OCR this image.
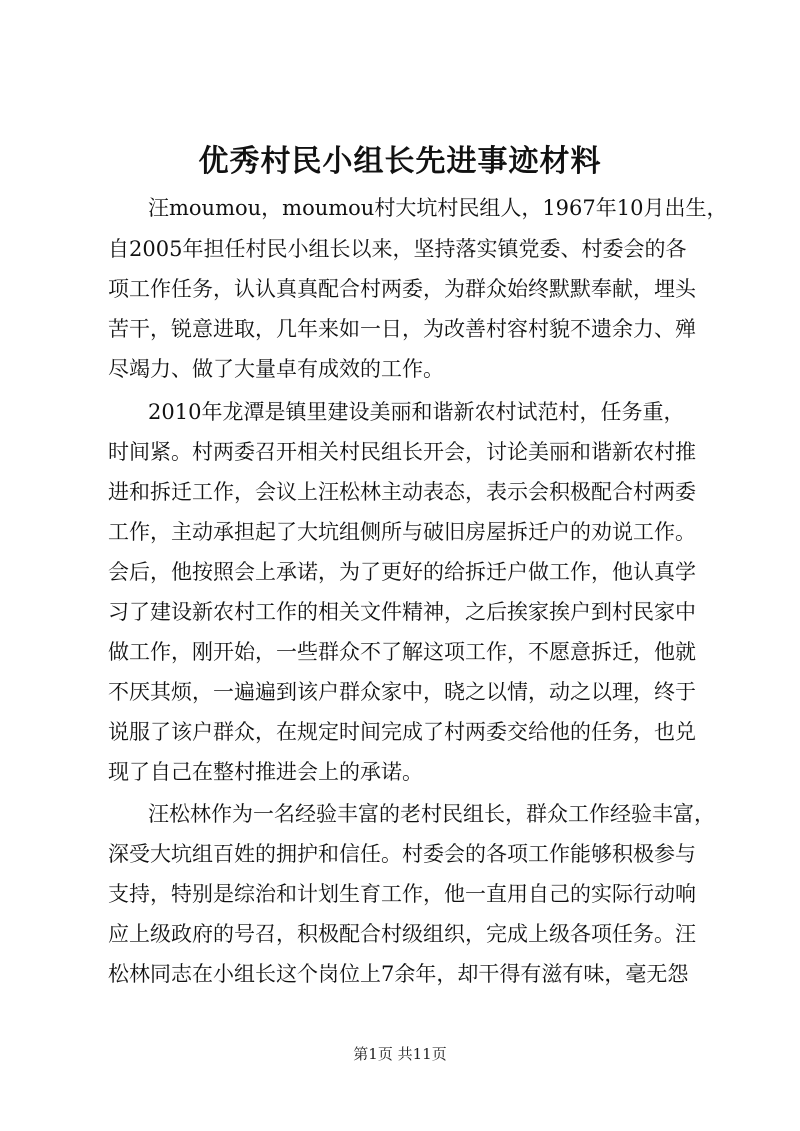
优秀村民小组长先进事迹材料
汪moumou，moumou村大坑村民组人，1967年10月出生，
自2005年担任村民小组长以来，坚持落实镇党委、村委会的各
项工作任务，认认真真配合村两委，为群众始终默默奉献，埋头
苦干，锐意进取，几年来如一日，为改善村容村貌不遗余力、殚
尽竭力、做了大量卓有成效的工作。
2010年龙潭是镇里建设美丽和谐新农村试范村，任务重，
时间紧。村两委召开相关村民组长开会，讨论美丽和谐新农村推
进和拆迁工作，会议上汪松林主动表态，表示会积极配合村两委
工作，主动承担起了大坑组侧所与破旧房屋拆迁户的劝说工作。
会后，他按照会上承诺，为了更好的给拆迁户做工作，他认真学
习了建设新农村工作的相关文件精神，之后挨家挨户到村民家中
做工作，刚开始，一些群众不了解这项工作，不愿意拆迁，他就
不厌其烦，一遍遍到该户群众家中，晓之以情，动之以理，终于
说服了该户群众，在规定时间完成了村两委交给他的任务，也兑
现了自己在整村推进会上的承诺。
汪松林作为一名经验丰富的老村民组长，群众工作经验丰富，
深受大坑组百姓的拥护和信任。村委会的各项工作能够积极参与
支持，特别是综治和计划生育工作，他一直用自己的实际行动响
应上级政府的号召，积极配合村级组织，完成上级各项任务。汪
松林同志在小组长这个岗位上7余年，却干得有滋有味，毫无怨
第1页 共11页
